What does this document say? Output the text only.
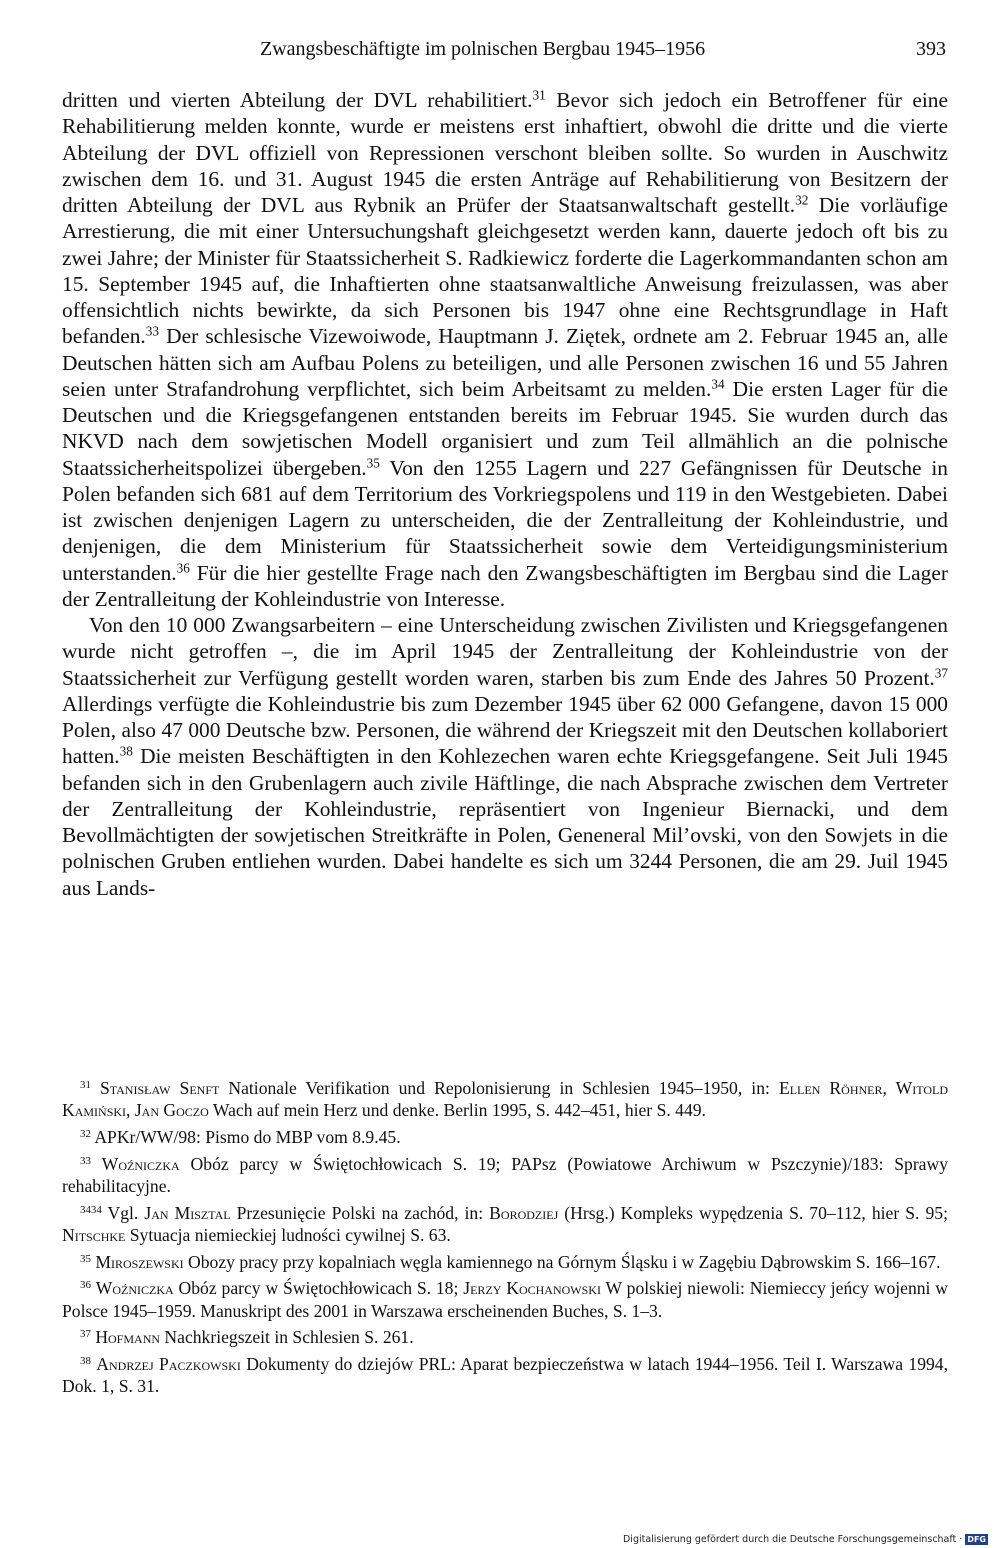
Zwangsbeschäftigte im polnischen Bergbau 1945–1956	393

dritten und vierten Abteilung der DVL rehabilitiert.$^{31}$ Bevor sich jedoch ein Betroffener für eine Rehabilitierung melden konnte, wurde er meistens erst inhaftiert, obwohl die dritte und die vierte Abteilung der DVL offiziell von Repressionen verschont bleiben sollte. So wurden in Auschwitz zwischen dem 16. und 31. August 1945 die ersten Anträge auf Rehabilitierung von Besitzern der dritten Abteilung der DVL aus Rybnik an Prüfer der Staatsanwaltschaft gestellt.$^{32}$ Die vorläufige Arrestierung, die mit einer Untersuchungshaft gleichgesetzt werden kann, dauerte jedoch oft bis zu zwei Jahre; der Minister für Staatssicherheit S. Radkiewicz forderte die Lagerkommandanten schon am 15. September 1945 auf, die Inhaftierten ohne staatsanwaltliche Anweisung freizulassen, was aber offensichtlich nichts bewirkte, da sich Personen bis 1947 ohne eine Rechtsgrundlage in Haft befanden.$^{33}$ Der schlesische Vizewoiwode, Hauptmann J. Ziętek, ordnete am 2. Februar 1945 an, alle Deutschen hätten sich am Aufbau Polens zu beteiligen, und alle Personen zwischen 16 und 55 Jahren seien unter Strafandrohung verpflichtet, sich beim Arbeitsamt zu melden.$^{34}$ Die ersten Lager für die Deutschen und die Kriegsgefangenen entstanden bereits im Februar 1945. Sie wurden durch das NKVD nach dem sowjetischen Modell organisiert und zum Teil allmählich an die polnische Staatssicherheitspolizei übergeben.$^{35}$ Von den 1255 Lagern und 227 Gefängnissen für Deutsche in Polen befanden sich 681 auf dem Territorium des Vorkriegspolens und 119 in den Westgebieten. Dabei ist zwischen denjenigen Lagern zu unterscheiden, die der Zentralleitung der Kohleindustrie, und denjenigen, die dem Ministerium für Staatssicherheit sowie dem Verteidigungsministerium unterstanden.$^{36}$ Für die hier gestellte Frage nach den Zwangsbeschäftigten im Bergbau sind die Lager der Zentralleitung der Kohleindustrie von Interesse.

Von den 10 000 Zwangsarbeitern – eine Unterscheidung zwischen Zivilisten und Kriegsgefangenen wurde nicht getroffen –, die im April 1945 der Zentralleitung der Kohleindustrie von der Staatssicherheit zur Verfügung gestellt worden waren, starben bis zum Ende des Jahres 50 Prozent.$^{37}$ Allerdings verfügte die Kohleindustrie bis zum Dezember 1945 über 62 000 Gefangene, davon 15 000 Polen, also 47 000 Deutsche bzw. Personen, die während der Kriegszeit mit den Deutschen kollaboriert hatten.$^{38}$ Die meisten Beschäftigten in den Kohlezechen waren echte Kriegsgefangene. Seit Juli 1945 befanden sich in den Grubenlagern auch zivile Häftlinge, die nach Absprache zwischen dem Vertreter der Zentralleitung der Kohleindustrie, repräsentiert von Ingenieur Biernacki, und dem Bevollmächtigten der sowjetischen Streitkräfte in Polen, Geneneral Mil’ovski, von den Sowjets in die polnischen Gruben entliehen wurden. Dabei handelte es sich um 3244 Personen, die am 29. Juil 1945 aus Lands-

$^{31}$ Stanisław Senft Nationale Verifikation und Repolonisierung in Schlesien 1945–1950, in: Ellen Röhner, Witold Kamiński, Jan Goczo Wach auf mein Herz und denke. Berlin 1995, S. 442–451, hier S. 449.

$^{32}$ APKr/WW/98: Pismo do MBP vom 8.9.45.

$^{33}$ Woźniczka Obóz parcy w Świętochłowicach S. 19; PAPsz (Powiatowe Archiwum w Pszczynie)/183: Sprawy rehabilitacyjne.

$^{3434}$ Vgl. Jan Misztal Przesunięcie Polski na zachód, in: Borodziej (Hrsg.) Kompleks wypędzenia S. 70–112, hier S. 95; Nitschke Sytuacja niemieckiej ludności cywilnej S. 63.

$^{35}$ Miroszewski Obozy pracy przy kopalniach węgla kamiennego na Górnym Śląsku i w Zagębiu Dąbrowskim S. 166–167.

$^{36}$ Woźniczka Obóz parcy w Świętochłowicach S. 18; Jerzy Kochanowski W polskiej niewoli: Niemieccy jeńcy wojenni w Polsce 1945–1959. Manuskript des 2001 in Warszawa erscheinenden Buches, S. 1–3.

$^{37}$ Hofmann Nachkriegszeit in Schlesien S. 261.

$^{38}$ Andrzej Paczkowski Dokumenty do dziejów PRL: Aparat bezpieczeństwa w latach 1944–1956. Teil I. Warszawa 1994, Dok. 1, S. 31.

Digitalisierung gefördert durch die Deutsche Forschungsgemeinschaft · DFG
